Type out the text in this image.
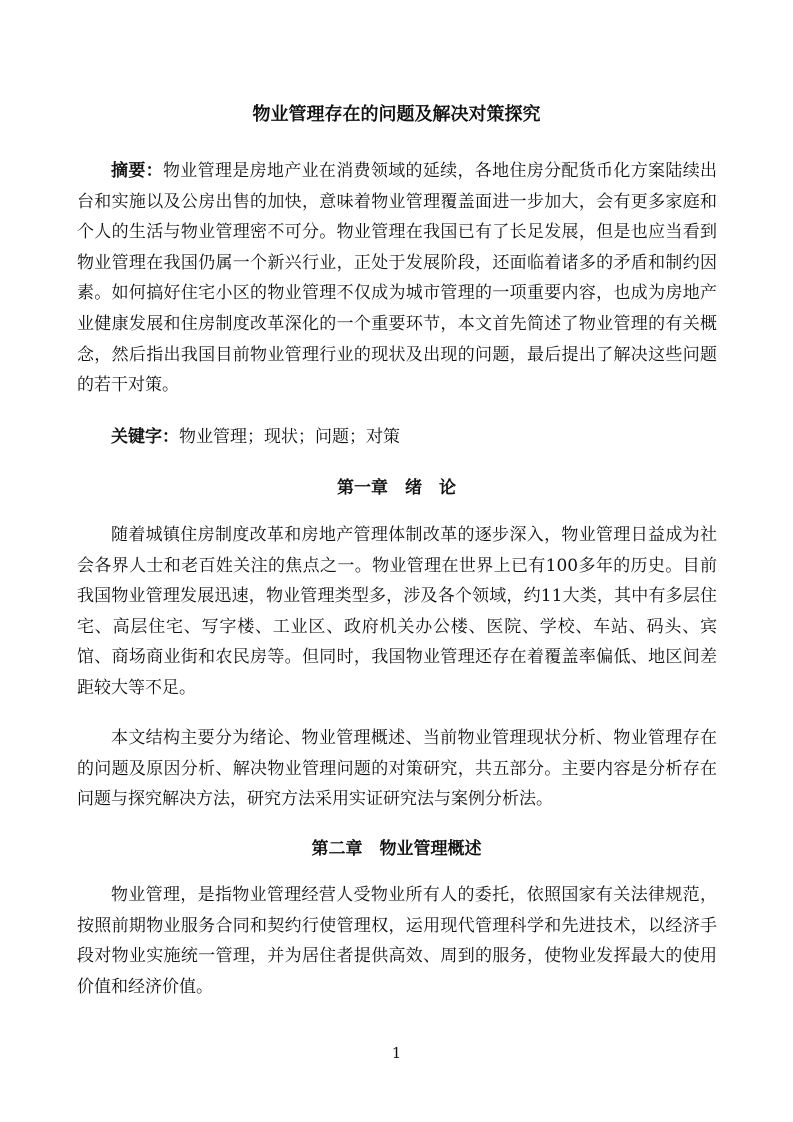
物业管理存在的问题及解决对策探究

摘要：物业管理是房地产业在消费领域的延续，各地住房分配货币化方案陆续出台和实施以及公房出售的加快，意味着物业管理覆盖面进一步加大，会有更多家庭和个人的生活与物业管理密不可分。物业管理在我国已有了长足发展，但是也应当看到物业管理在我国仍属一个新兴行业，正处于发展阶段，还面临着诸多的矛盾和制约因素。如何搞好住宅小区的物业管理不仅成为城市管理的一项重要内容，也成为房地产业健康发展和住房制度改革深化的一个重要环节，本文首先简述了物业管理的有关概念，然后指出我国目前物业管理行业的现状及出现的问题，最后提出了解决这些问题的若干对策。

关键字：物业管理；现状；问题；对策

第一章　绪　论

随着城镇住房制度改革和房地产管理体制改革的逐步深入，物业管理日益成为社会各界人士和老百姓关注的焦点之一。物业管理在世界上已有100多年的历史。目前我国物业管理发展迅速，物业管理类型多，涉及各个领域，约11大类，其中有多层住宅、高层住宅、写字楼、工业区、政府机关办公楼、医院、学校、车站、码头、宾馆、商场商业街和农民房等。但同时，我国物业管理还存在着覆盖率偏低、地区间差距较大等不足。

本文结构主要分为绪论、物业管理概述、当前物业管理现状分析、物业管理存在的问题及原因分析、解决物业管理问题的对策研究，共五部分。主要内容是分析存在问题与探究解决方法，研究方法采用实证研究法与案例分析法。

第二章　物业管理概述

物业管理，是指物业管理经营人受物业所有人的委托，依照国家有关法律规范，按照前期物业服务合同和契约行使管理权，运用现代管理科学和先进技术，以经济手段对物业实施统一管理，并为居住者提供高效、周到的服务，使物业发挥最大的使用价值和经济价值。

1
